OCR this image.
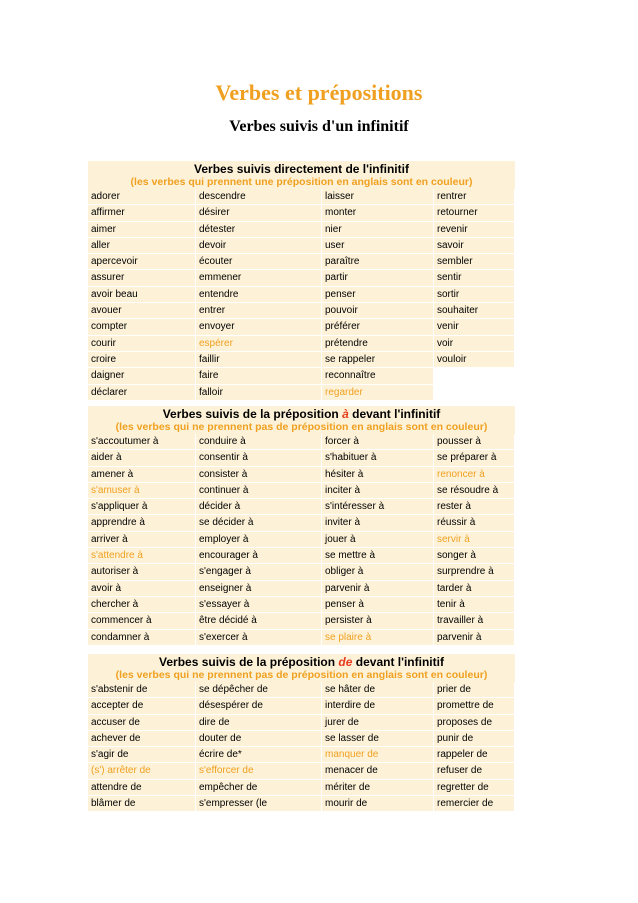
Verbes et prépositions
Verbes suivis d'un infinitif
Verbes suivis directement de l'infinitif
(les verbes qui prennent une préposition en anglais sont en couleur)
adorer	descendre	laisser	rentrer
affirmer	désirer	monter	retourner
aimer	détester	nier	revenir
aller	devoir	user	savoir
apercevoir	écouter	paraître	sembler
assurer	emmener	partir	sentir
avoir beau	entendre	penser	sortir
avouer	entrer	pouvoir	souhaiter
compter	envoyer	préférer	venir
courir	espérer	prétendre	voir
croire	faillir	se rappeler	vouloir
daigner	faire	reconnaître
déclarer	falloir	regarder
Verbes suivis de la préposition à devant l'infinitif
(les verbes qui ne prennent pas de préposition en anglais sont en couleur)
s'accoutumer à	conduire à	forcer à	pousser à
aider à	consentir à	s'habituer à	se préparer à
amener à	consister à	hésiter à	renoncer à
s'amuser à	continuer à	inciter à	se résoudre à
s'appliquer à	décider à	s'intéresser à	rester à
apprendre à	se décider à	inviter à	réussir à
arriver à	employer à	jouer à	servir à
s'attendre à	encourager à	se mettre à	songer à
autoriser à	s'engager à	obliger à	surprendre à
avoir à	enseigner à	parvenir à	tarder à
chercher à	s'essayer à	penser à	tenir à
commencer à	être décidé à	persister à	travailler à
condamner à	s'exercer à	se plaire à	parvenir à
Verbes suivis de la préposition de devant l'infinitif
(les verbes qui ne prennent pas de préposition en anglais sont en couleur)
s'abstenir de	se dépêcher de	se hâter de	prier de
accepter de	désespérer de	interdire de	promettre de
accuser de	dire de	jurer de	proposes de
achever de	douter de	se lasser de	punir de
s'agir de	écrire de*	manquer de	rappeler de
(s') arrêter de	s'efforcer de	menacer de	refuser de
attendre de	empêcher de	mériter de	regretter de
blâmer de	s'empresser (le	mourir de	remercier de
